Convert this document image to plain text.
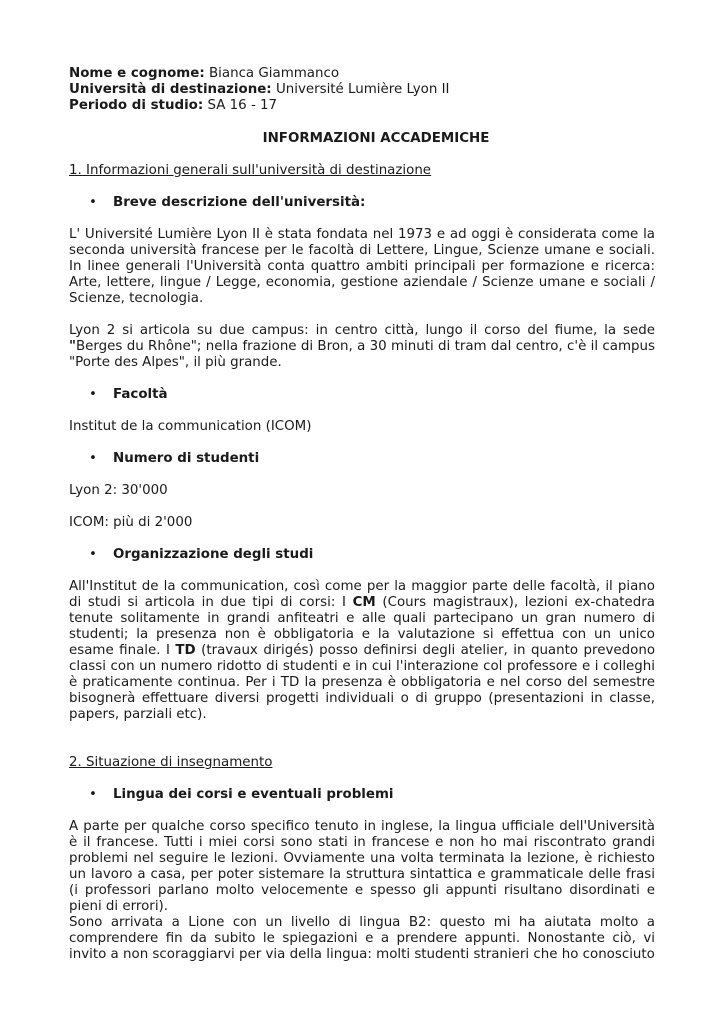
Nome e cognome: Bianca Giammanco
Università di destinazione: Université Lumière Lyon II
Periodo di studio: SA 16 - 17
INFORMAZIONI ACCADEMICHE
1. Informazioni generali sull'università di destinazione
• Breve descrizione dell'università:

L' Université Lumière Lyon II è stata fondata nel 1973 e ad oggi è considerata come la seconda università francese per le facoltà di Lettere, Lingue, Scienze umane e sociali. In linee generali l'Università conta quattro ambiti principali per formazione e ricerca: Arte, lettere, lingue / Legge, economia, gestione aziendale / Scienze umane e sociali / Scienze, tecnologia.

Lyon 2 si articola su due campus: in centro città, lungo il corso del fiume, la sede "Berges du Rhône"; nella frazione di Bron, a 30 minuti di tram dal centro, c'è il campus "Porte des Alpes", il più grande.

• Facoltà

Institut de la communication (ICOM)

• Numero di studenti

Lyon 2: 30'000

ICOM: più di 2'000

• Organizzazione degli studi

All'Institut de la communication, così come per la maggior parte delle facoltà, il piano di studi si articola in due tipi di corsi: I CM (Cours magistraux), lezioni ex-chatedra tenute solitamente in grandi anfiteatri e alle quali partecipano un gran numero di studenti; la presenza non è obbligatoria e la valutazione si effettua con un unico esame finale. I TD (travaux dirigés) posso definirsi degli atelier, in quanto prevedono classi con un numero ridotto di studenti e in cui l'interazione col professore e i colleghi è praticamente continua. Per i TD la presenza è obbligatoria e nel corso del semestre bisognerà effettuare diversi progetti individuali o di gruppo (presentazioni in classe, papers, parziali etc).

2. Situazione di insegnamento
• Lingua dei corsi e eventuali problemi

A parte per qualche corso specifico tenuto in inglese, la lingua ufficiale dell'Università è il francese. Tutti i miei corsi sono stati in francese e non ho mai riscontrato grandi problemi nel seguire le lezioni. Ovviamente una volta terminata la lezione, è richiesto un lavoro a casa, per poter sistemare la struttura sintattica e grammaticale delle frasi (i professori parlano molto velocemente e spesso gli appunti risultano disordinati e pieni di errori).

Sono arrivata a Lione con un livello di lingua B2: questo mi ha aiutata molto a comprendere fin da subito le spiegazioni e a prendere appunti. Nonostante ciò, vi invito a non scoraggiarvi per via della lingua: molti studenti stranieri che ho conosciuto
